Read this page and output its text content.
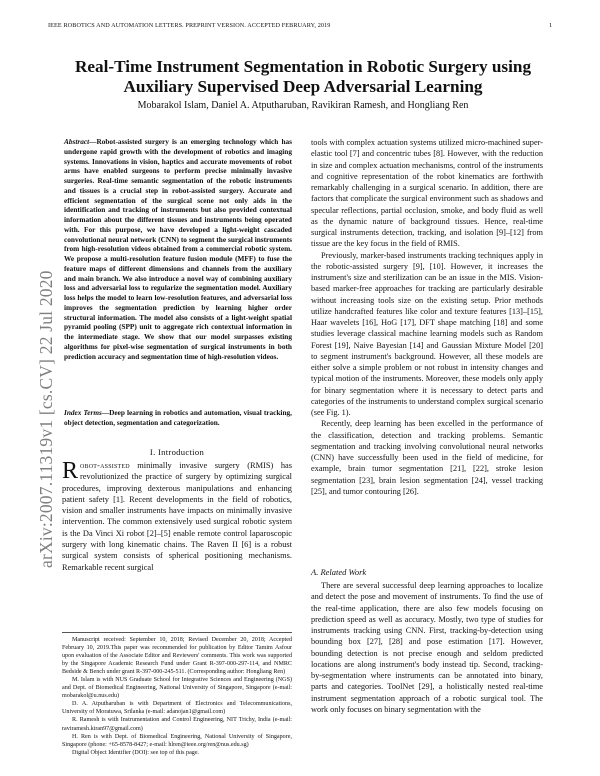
IEEE ROBOTICS AND AUTOMATION LETTERS. PREPRINT VERSION. ACCEPTED FEBRUARY, 2019	1
arXiv:2007.11319v1 [cs.CV] 22 Jul 2020
Real-Time Instrument Segmentation in Robotic Surgery using Auxiliary Supervised Deep Adversarial Learning
Mobarakol Islam, Daniel A. Atputharuban, Ravikiran Ramesh, and Hongliang Ren
Abstract—Robot-assisted surgery is an emerging technology which has undergone rapid growth with the development of robotics and imaging systems. Innovations in vision, haptics and accurate movements of robot arms have enabled surgeons to perform precise minimally invasive surgeries. Real-time semantic segmentation of the robotic instruments and tissues is a crucial step in robot-assisted surgery. Accurate and efficient segmentation of the surgical scene not only aids in the identification and tracking of instruments but also provided contextual information about the different tissues and instruments being operated with. For this purpose, we have developed a light-weight cascaded convolutional neural network (CNN) to segment the surgical instruments from high-resolution videos obtained from a commercial robotic system. We propose a multi-resolution feature fusion module (MFF) to fuse the feature maps of different dimensions and channels from the auxiliary and main branch. We also introduce a novel way of combining auxiliary loss and adversarial loss to regularize the segmentation model. Auxiliary loss helps the model to learn low-resolution features, and adversarial loss improves the segmentation prediction by learning higher order structural information. The model also consists of a light-weight spatial pyramid pooling (SPP) unit to aggregate rich contextual information in the intermediate stage. We show that our model surpasses existing algorithms for pixel-wise segmentation of surgical instruments in both prediction accuracy and segmentation time of high-resolution videos.
Index Terms—Deep learning in robotics and automation, visual tracking, object detection, segmentation and categorization.
I. Introduction
Robot-assisted minimally invasive surgery (RMIS) has revolutionized the practice of surgery by optimizing surgical procedures, improving dexterous manipulations and enhancing patient safety [1]. Recent developments in the field of robotics, vision and smaller instruments have impacts on minimally invasive intervention. The common extensively used surgical robotic system is the Da Vinci Xi robot [2]–[5] enable remote control laparoscopic surgery with long kinematic chains. The Raven II [6] is a robust surgical system consists of spherical positioning mechanisms. Remarkable recent surgical

Manuscript received: September 10, 2018; Revised December 20, 2018; Accepted February 10, 2019.This paper was recommended for publication by Editor Tamim Asfour upon evaluation of the Associate Editor and Reviewers' comments. This work was supported by the Singapore Academic Research Fund under Grant R-397-000-297-114, and NMRC Bedside & Bench under grant R-397-000-245-511. (Corresponding author: Hongliang Ren)

M. Islam is with NUS Graduate School for Integrative Sciences and Engineering (NGS) and Dept. of Biomedical Engineering, National University of Singapore, Singapore (e-mail: mobarakol@u.nus.edu)

D. A. Atputharuban is with Department of Electronics and Telecommunications, University of Moratuwa, Srilanka (e-mail: adanojan1@gmail.com)

R. Ramesh is with Instrumentation and Control Engineering, NIT Trichy, India (e-mail: raviramesh.kiran97@gmail.com)

H. Ren is with Dept. of Biomedical Engineering, National University of Singapore, Singapore (phone: +65-8578-8427; e-mail: hlren@ieee.org/ren@nus.edu.sg)

Digital Object Identifier (DOI): see top of this page.

tools with complex actuation systems utilized micro-machined super-elastic tool [7] and concentric tubes [8]. However, with the reduction in size and complex actuation mechanisms, control of the instruments and cognitive representation of the robot kinematics are forthwith remarkably challenging in a surgical scenario. In addition, there are factors that complicate the surgical environment such as shadows and specular reflections, partial occlusion, smoke, and body fluid as well as the dynamic nature of background tissues. Hence, real-time surgical instruments detection, tracking, and isolation [9]–[12] from tissue are the key focus in the field of RMIS.

Previously, marker-based instruments tracking techniques apply in the robotic-assisted surgery [9], [10]. However, it increases the instrument's size and sterilization can be an issue in the MIS. Vision-based marker-free approaches for tracking are particularly desirable without increasing tools size on the existing setup. Prior methods utilize handcrafted features like color and texture features [13]–[15], Haar wavelets [16], HoG [17], DFT shape matching [18] and some studies leverage classical machine learning models such as Random Forest [19], Naive Bayesian [14] and Gaussian Mixture Model [20] to segment instrument's background. However, all these models are either solve a simple problem or not robust in intensity changes and typical motion of the instruments. Moreover, these models only apply for binary segmentation where it is necessary to detect parts and categories of the instruments to understand complex surgical scenario (see Fig. 1).

Recently, deep learning has been excelled in the performance of the classification, detection and tracking problems. Semantic segmentation and tracking involving convolutional neural networks (CNN) have successfully been used in the field of medicine, for example, brain tumor segmentation [21], [22], stroke lesion segmentation [23], brain lesion segmentation [24], vessel tracking [25], and tumor contouring [26].

A. Related Work

There are several successful deep learning approaches to localize and detect the pose and movement of instruments. To find the use of the real-time application, there are also few models focusing on prediction speed as well as accuracy. Mostly, two type of studies for instruments tracking using CNN. First, tracking-by-detection using bounding box [27], [28] and pose estimation [17]. However, bounding detection is not precise enough and seldom predicted locations are along instrument's body instead tip. Second, tracking-by-segmentation where instruments can be annotated into binary, parts and categories. ToolNet [29], a holistically nested real-time instrument segmentation approach of a robotic surgical tool. The work only focuses on binary segmentation with the
